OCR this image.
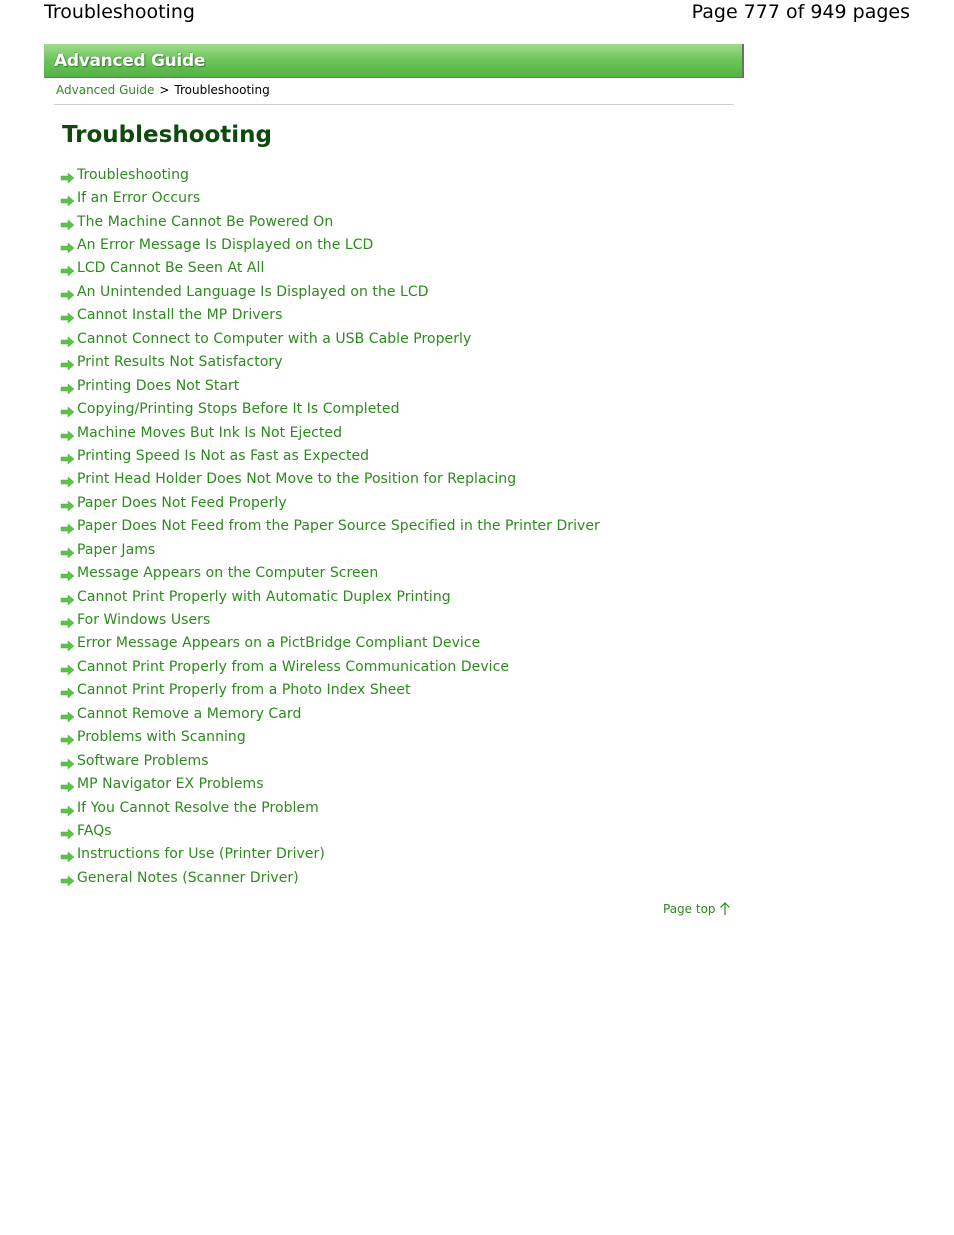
Troubleshooting	Page 777 of 949 pages
Advanced Guide
Advanced Guide > Troubleshooting
Troubleshooting
Troubleshooting
If an Error Occurs
The Machine Cannot Be Powered On
An Error Message Is Displayed on the LCD
LCD Cannot Be Seen At All
An Unintended Language Is Displayed on the LCD
Cannot Install the MP Drivers
Cannot Connect to Computer with a USB Cable Properly
Print Results Not Satisfactory
Printing Does Not Start
Copying/Printing Stops Before It Is Completed
Machine Moves But Ink Is Not Ejected
Printing Speed Is Not as Fast as Expected
Print Head Holder Does Not Move to the Position for Replacing
Paper Does Not Feed Properly
Paper Does Not Feed from the Paper Source Specified in the Printer Driver
Paper Jams
Message Appears on the Computer Screen
Cannot Print Properly with Automatic Duplex Printing
For Windows Users
Error Message Appears on a PictBridge Compliant Device
Cannot Print Properly from a Wireless Communication Device
Cannot Print Properly from a Photo Index Sheet
Cannot Remove a Memory Card
Problems with Scanning
Software Problems
MP Navigator EX Problems
If You Cannot Resolve the Problem
FAQs
Instructions for Use (Printer Driver)
General Notes (Scanner Driver)
Page top
